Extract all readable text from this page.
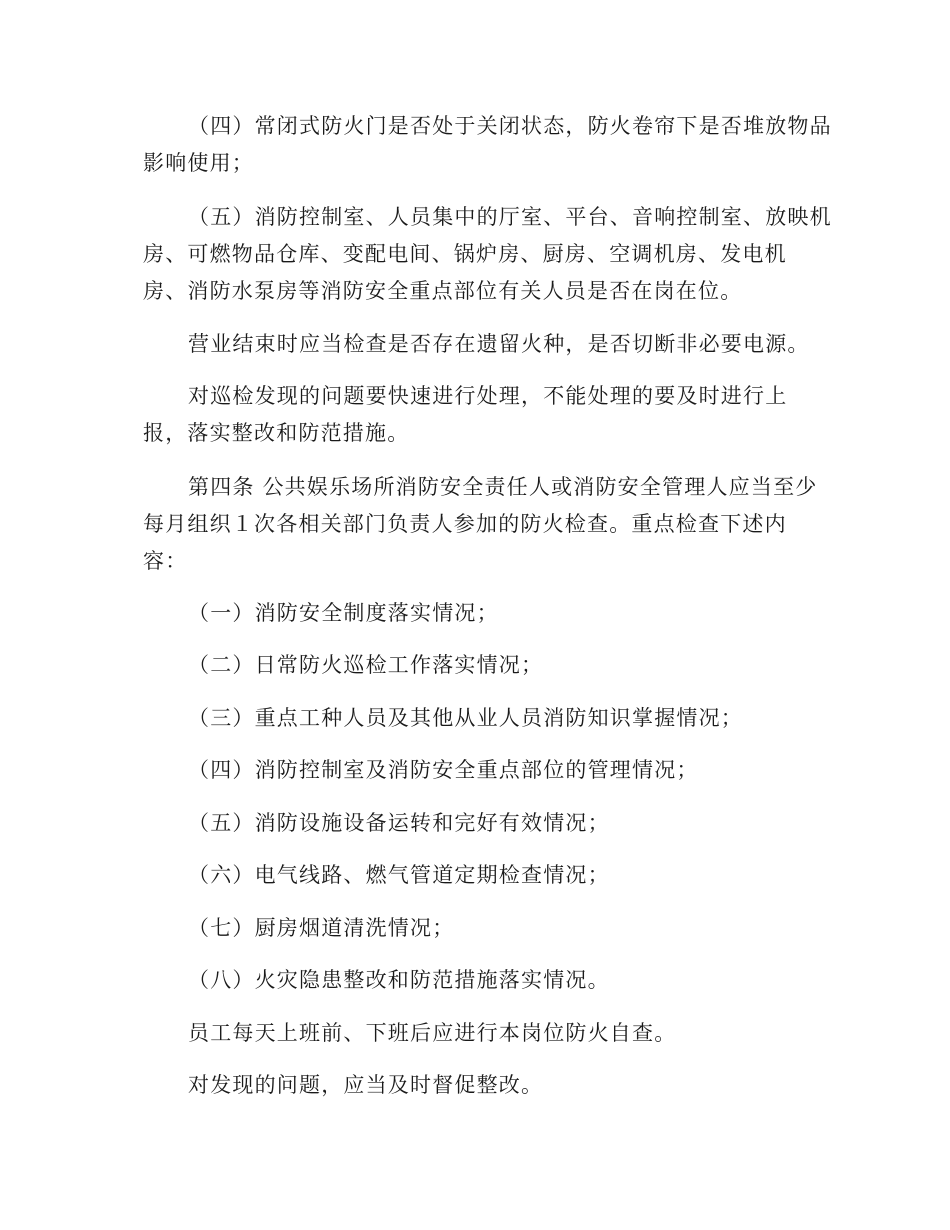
（四）常闭式防火门是否处于关闭状态，防火卷帘下是否堆放物品
影响使用；
（五）消防控制室、人员集中的厅室、平台、音响控制室、放映机
房、可燃物品仓库、变配电间、锅炉房、厨房、空调机房、发电机
房、消防水泵房等消防安全重点部位有关人员是否在岗在位。
营业结束时应当检查是否存在遗留火种，是否切断非必要电源。
对巡检发现的问题要快速进行处理，不能处理的要及时进行上
报，落实整改和防范措施。
第四条 公共娱乐场所消防安全责任人或消防安全管理人应当至少
每月组织１次各相关部门负责人参加的防火检查。重点检查下述内
容：
（一）消防安全制度落实情况；
（二）日常防火巡检工作落实情况；
（三）重点工种人员及其他从业人员消防知识掌握情况；
（四）消防控制室及消防安全重点部位的管理情况；
（五）消防设施设备运转和完好有效情况；
（六）电气线路、燃气管道定期检查情况；
（七）厨房烟道清洗情况；
（八）火灾隐患整改和防范措施落实情况。
员工每天上班前、下班后应进行本岗位防火自查。
对发现的问题，应当及时督促整改。
